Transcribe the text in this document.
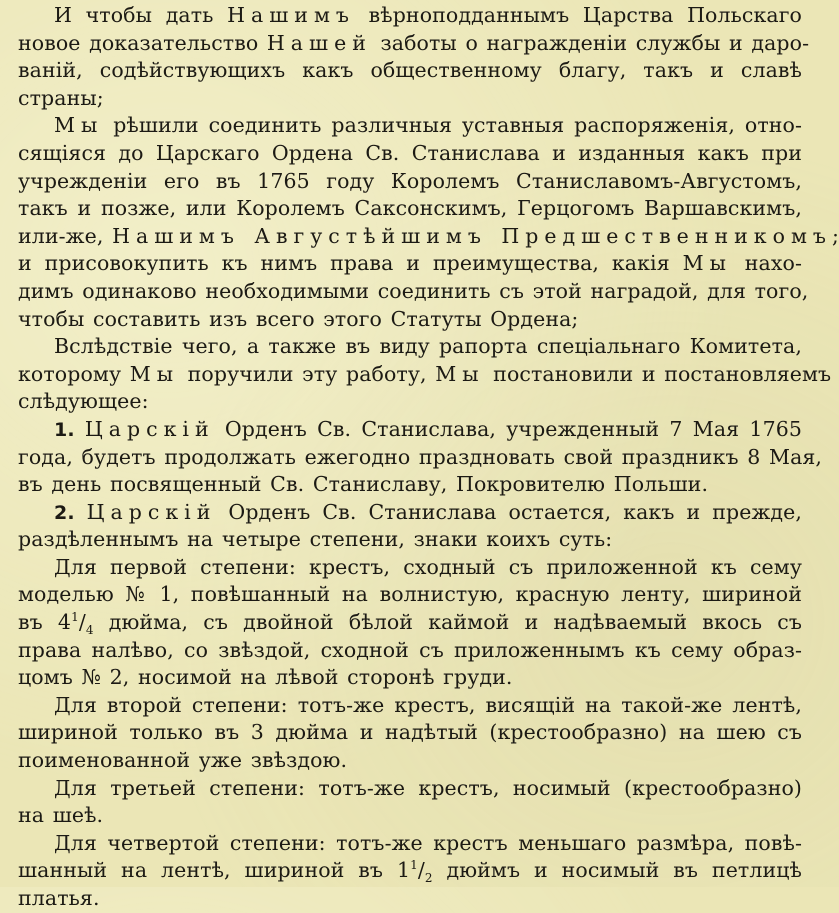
И чтобы дать Нашимъ вѣрноподданнымъ Царства Польскаго
новое доказательство Нашей заботы о награжденіи службы и даро-
ваній, содѣйствующихъ какъ общественному благу, такъ и славѣ
страны;
Мы рѣшили соединить различныя уставныя распоряженія, отно-
сящіяся до Царскаго Ордена Св. Станислава и изданныя какъ при
учрежденіи его въ 1765 году Королемъ Станиславомъ-Августомъ,
такъ и позже, или Королемъ Саксонскимъ, Герцогомъ Варшавскимъ,
или-же, Нашимъ Августѣйшимъ Предшественникомъ;
и присовокупить къ нимъ права и преимущества, какія Мы нахо-
димъ одинаково необходимыми соединить съ этой наградой, для того,
чтобы составить изъ всего этого Статуты Ордена;
Вслѣдствіе чего, а также въ виду рапорта спеціальнаго Комитета,
которому Мы поручили эту работу, Мы постановили и постановляемъ
слѣдующее:
1. Царскій Орденъ Св. Станислава, учрежденный 7 Мая 1765
года, будетъ продолжать ежегодно праздновать свой праздникъ 8 Мая,
въ день посвященный Св. Станиславу, Покровителю Польши.
2. Царскій Орденъ Св. Станислава остается, какъ и прежде,
раздѣленнымъ на четыре степени, знаки коихъ суть:
Для первой степени: крестъ, сходный съ приложенной къ сему
моделью № 1, повѣшанный на волнистую, красную ленту, шириной
въ $4^1/_4$ дюйма, съ двойной бѣлой каймой и надѣваемый вкось съ
права налѣво, со звѣздой, сходной съ приложеннымъ къ сему образ-
цомъ № 2, носимой на лѣвой сторонѣ груди.
Для второй степени: тотъ-же крестъ, висящій на такой-же лентѣ,
шириной только въ 3 дюйма и надѣтый (крестообразно) на шею съ
поименованной уже звѣздою.
Для третьей степени: тотъ-же крестъ, носимый (крестообразно)
на шеѣ.
Для четвертой степени: тотъ-же крестъ меньшаго размѣра, повѣ-
шанный на лентѣ, шириной въ $1^1/_2$ дюймъ и носимый въ петлицѣ
платья.
